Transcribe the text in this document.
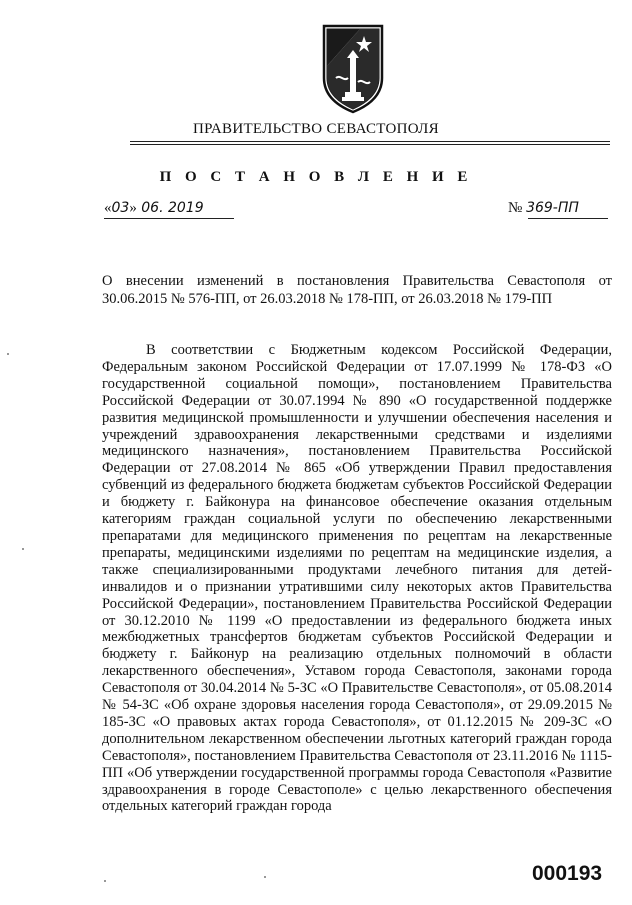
ПРАВИТЕЛЬСТВО СЕВАСТОПОЛЯ
П О С Т А Н О В Л Е Н И Е
«03» 06. 2019	№ 369-ПП
О внесении изменений в постановления Правительства Севастополя от 30.06.2015 № 576-ПП, от 26.03.2018 № 178-ПП, от 26.03.2018 № 179-ПП

В соответствии с Бюджетным кодексом Российской Федерации, Федеральным законом Российской Федерации от 17.07.1999 № 178-ФЗ «О государственной социальной помощи», постановлением Правительства Российской Федерации от 30.07.1994 № 890 «О государственной поддержке развития медицинской промышленности и улучшении обеспечения населения и учреждений здравоохранения лекарственными средствами и изделиями медицинского назначения», постановлением Правительства Российской Федерации от 27.08.2014 № 865 «Об утверждении Правил предоставления субвенций из федерального бюджета бюджетам субъектов Российской Федерации и бюджету г. Байконура на финансовое обеспечение оказания отдельным категориям граждан социальной услуги по обеспечению лекарственными препаратами для медицинского применения по рецептам на лекарственные препараты, медицинскими изделиями по рецептам на медицинские изделия, а также специализированными продуктами лечебного питания для детей-инвалидов и о признании утратившими силу некоторых актов Правительства Российской Федерации», постановлением Правительства Российской Федерации от 30.12.2010 № 1199 «О предоставлении из федерального бюджета иных межбюджетных трансфертов бюджетам субъектов Российской Федерации и бюджету г. Байконур на реализацию отдельных полномочий в области лекарственного обеспечения», Уставом города Севастополя, законами города Севастополя от 30.04.2014 № 5-ЗС «О Правительстве Севастополя», от 05.08.2014 № 54-ЗС «Об охране здоровья населения города Севастополя», от 29.09.2015 № 185-ЗС «О правовых актах города Севастополя», от 01.12.2015 № 209-ЗС «О дополнительном лекарственном обеспечении льготных категорий граждан города Севастополя», постановлением Правительства Севастополя от 23.11.2016 № 1115-ПП «Об утверждении государственной программы города Севастополя «Развитие здравоохранения в городе Севастополе» с целью лекарственного обеспечения отдельных категорий граждан города

000193
